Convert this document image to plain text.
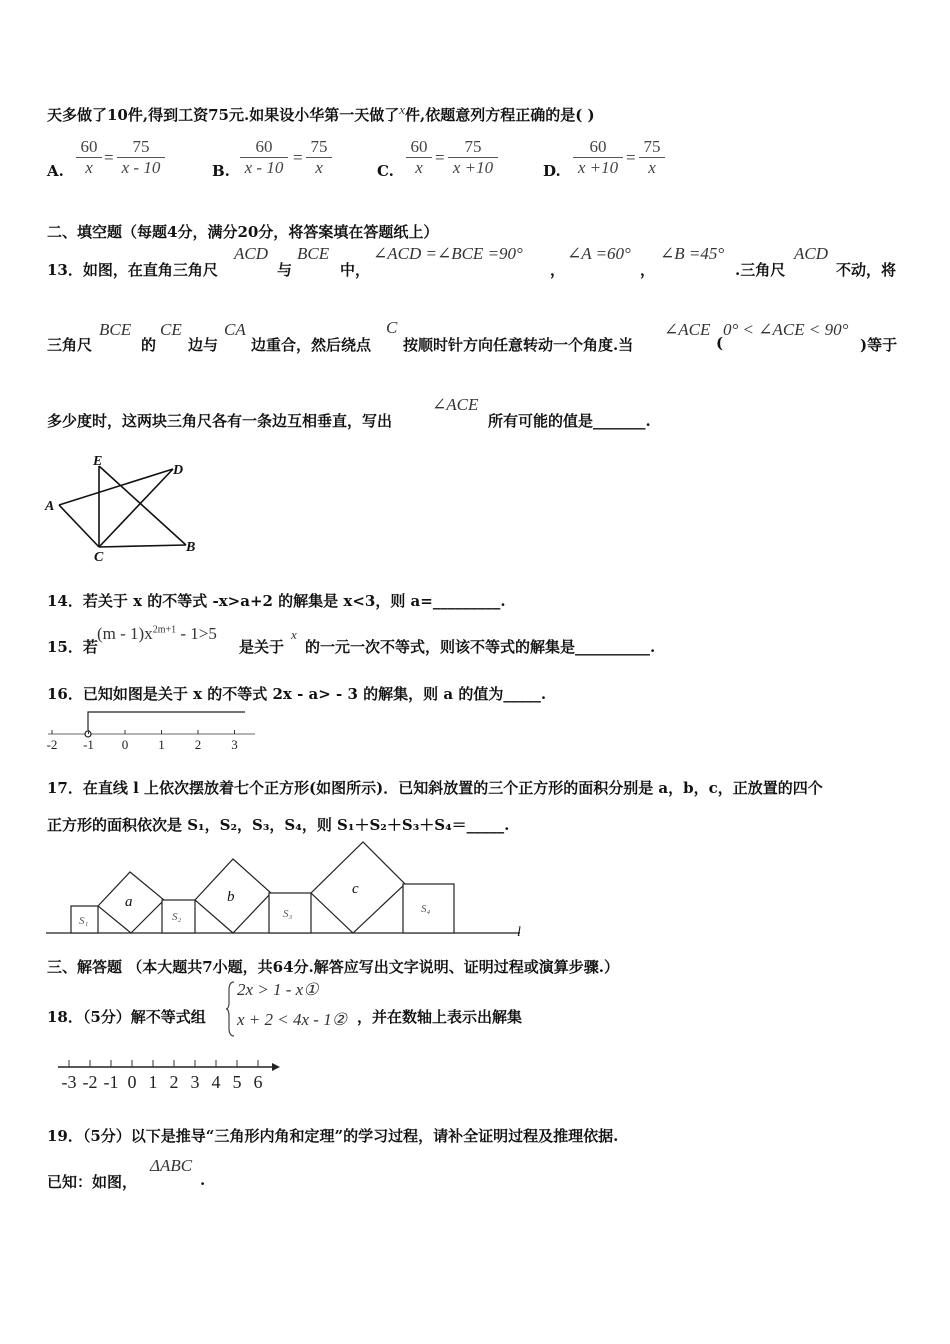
天多做了10件,得到工资75元.如果设小华第一天做了x件,依题意列方程正确的是( )
A. $\frac{60}{x} = \frac{75}{x - 10}$	B. $\frac{60}{x - 10} = \frac{75}{x}$	C. $\frac{60}{x} = \frac{75}{x +10}$	D. $\frac{60}{x +10} = \frac{75}{x}$
二、填空题（每题4分，满分20分，将答案填在答题纸上）
13．如图，在直角三角尺
ACD
与
BCE
中，
∠ACD =∠BCE =90°
，
∠A =60°
，
∠B =45°
.三角尺
ACD
不动，将
三角尺
BCE
的
CE
边与
CA
边重合，然后绕点
C
按顺时针方向任意转动一个角度.当
∠ACE
(
0° < ∠ACE < 90°
)等于
多少度时，这两块三角尺各有一条边互相垂直，写出
∠ACE
所有可能的值是_______.
E
D
A
C
B
14．若关于 x 的不等式 -x>a+2 的解集是 x<3，则 a=_________.
15．若
$(m - 1)x^{2m+1} - 1>5$
是关于
x
的一元一次不等式，则该不等式的解集是__________.
16．已知如图是关于 x 的不等式 2x - a> - 3 的解集，则 a 的值为_____.
-2 -1 0 1 2 3
17．在直线 l 上依次摆放着七个正方形(如图所示)．已知斜放置的三个正方形的面积分别是 a，b，c，正放置的四个
正方形的面积依次是 S₁，S₂，S₃，S₄，则 S₁＋S₂＋S₃＋S₄＝_____.
a	b	c
S₁	S₂	S₃	S₄
l
三、解答题 （本大题共7小题，共64分.解答应写出文字说明、证明过程或演算步骤.）
18．（5分）解不等式组
2x > 1 - x①
x + 2 < 4x - 1② ，并在数轴上表示出解集
-3 -2 -1 0 1 2 3 4 5 6
19．（5分）以下是推导“三角形内角和定理”的学习过程，请补全证明过程及推理依据.
已知：如图，
ΔABC
.
